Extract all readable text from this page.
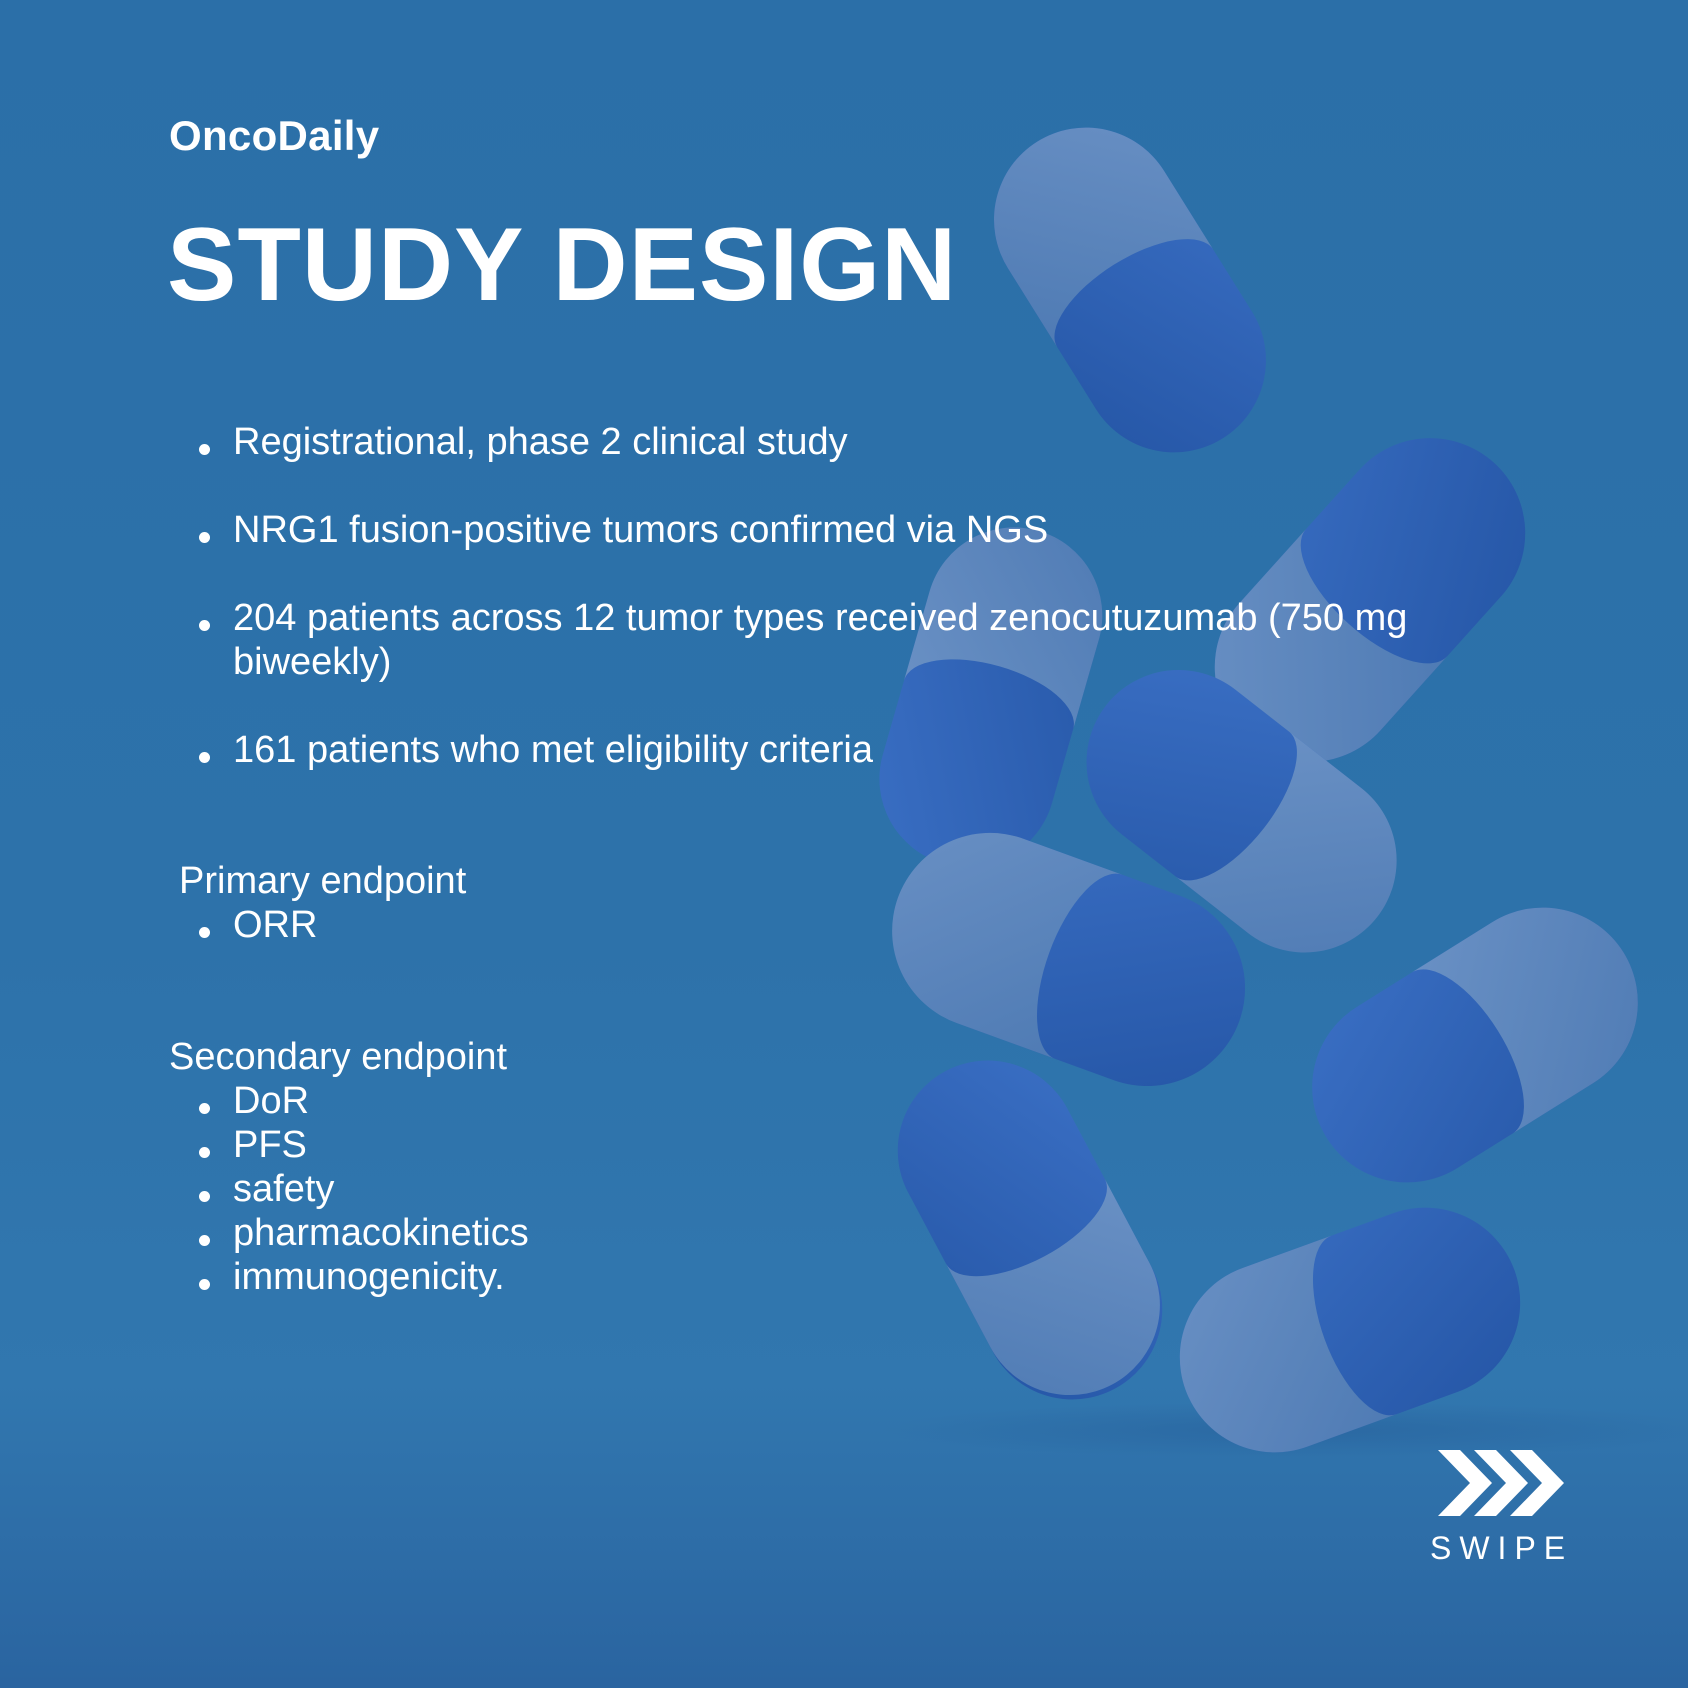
OncoDaily
STUDY DESIGN
Registrational, phase 2 clinical study
NRG1 fusion-positive tumors confirmed via NGS
204 patients across 12 tumor types received zenocutuzumab (750 mg biweekly)
161 patients who met eligibility criteria
Primary endpoint
ORR
Secondary endpoint
DoR
PFS
safety
pharmacokinetics
immunogenicity.
SWIPE
